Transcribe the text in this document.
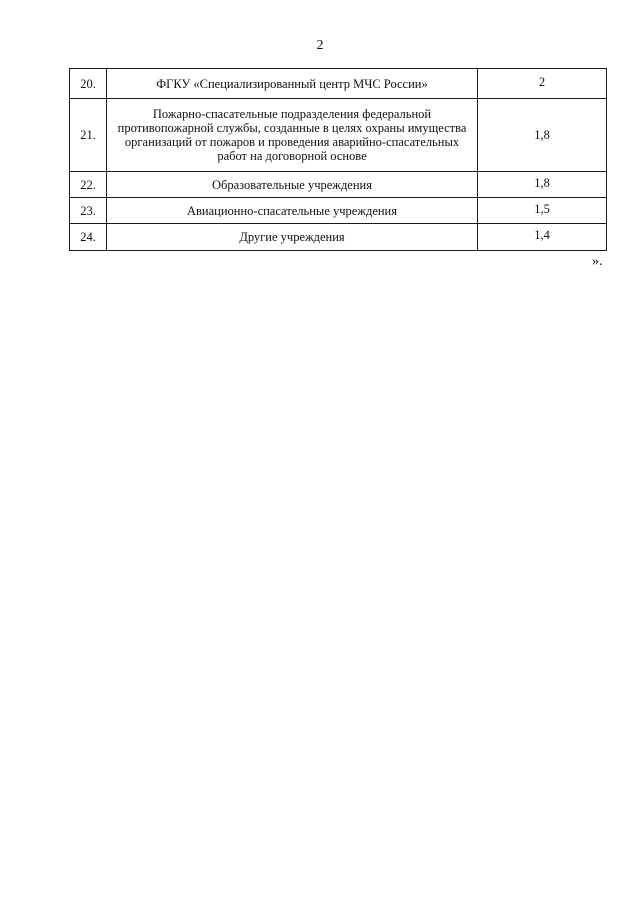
2
20.	ФГКУ «Специализированный центр МЧС России»	2
21.	Пожарно-спасательные подразделения федеральной противопожарной службы, созданные в целях охраны имущества организаций от пожаров и проведения аварийно-спасательных работ на договорной основе	1,8
22.	Образовательные учреждения	1,8
23.	Авиационно-спасательные учреждения	1,5
24.	Другие учреждения	1,4
».
